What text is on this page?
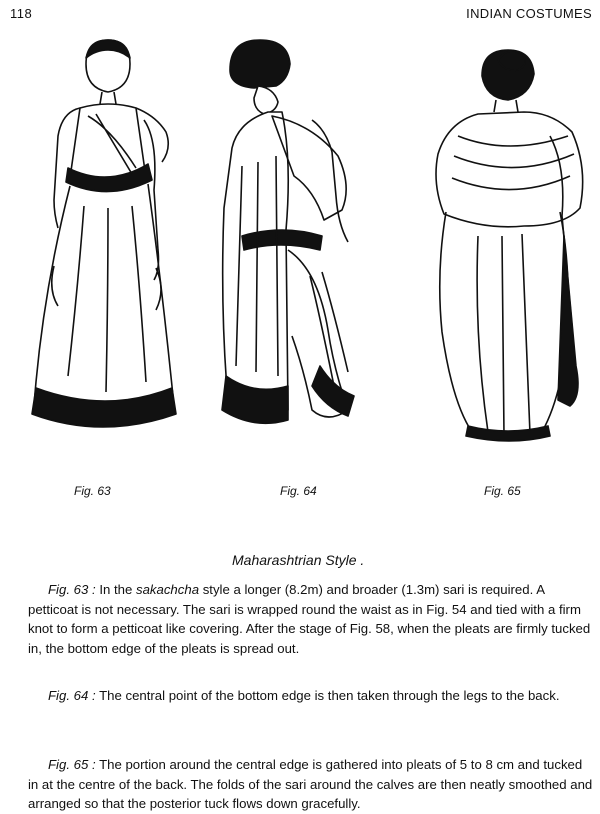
118	INDIAN COSTUMES
Fig. 63	Fig. 64	Fig. 65
Maharashtrian Style .

Fig. 63 : In the sakachcha style a longer (8.2m) and broader (1.3m) sari is required. A petticoat is not necessary. The sari is wrapped round the waist as in Fig. 54 and tied with a firm knot to form a petticoat like covering. After the stage of Fig. 58, when the pleats are firmly tucked in, the bottom edge of the pleats is spread out.

Fig. 64 : The central point of the bottom edge is then taken through the legs to the back.

Fig. 65 : The portion around the central edge is gathered into pleats of 5 to 8 cm and tucked in at the centre of the back. The folds of the sari around the calves are then neatly smoothed and arranged so that the posterior tuck flows down gracefully.
